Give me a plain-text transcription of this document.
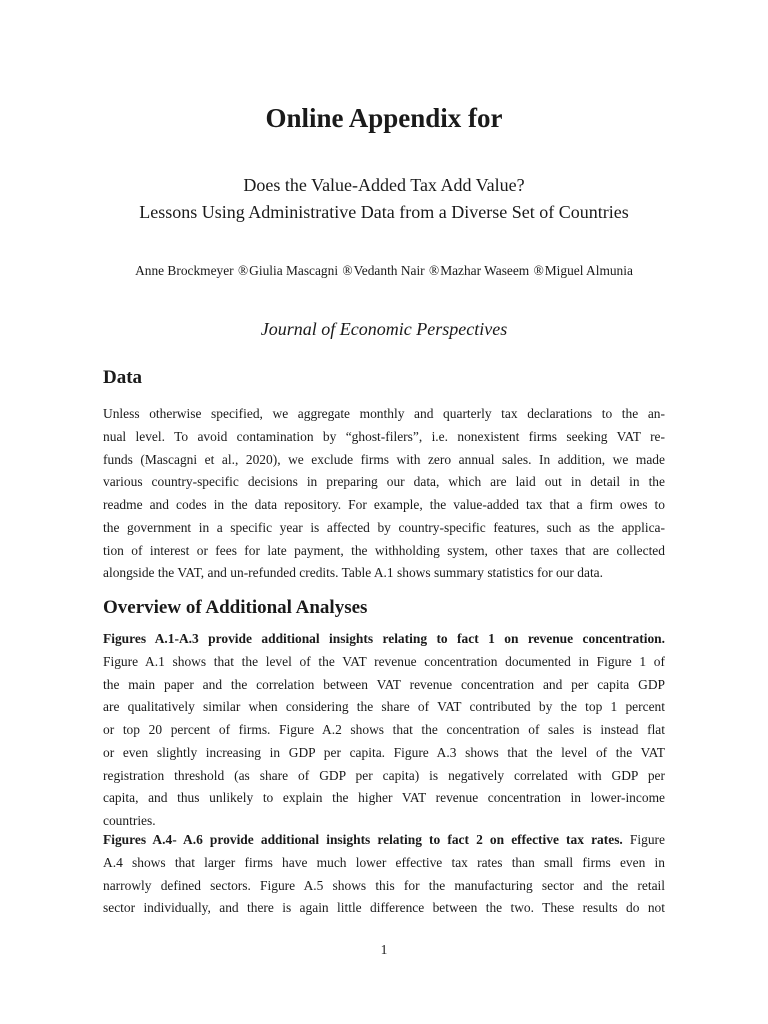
Online Appendix for
Does the Value-Added Tax Add Value?
Lessons Using Administrative Data from a Diverse Set of Countries
Anne Brockmeyer ®Giulia Mascagni ®Vedanth Nair ®Mazhar Waseem ®Miguel Almunia
Journal of Economic Perspectives
Data
Unless otherwise specified, we aggregate monthly and quarterly tax declarations to the an-
nual level. To avoid contamination by “ghost-filers”, i.e. nonexistent firms seeking VAT re-
funds (Mascagni et al., 2020), we exclude firms with zero annual sales. In addition, we made
various country-specific decisions in preparing our data, which are laid out in detail in the
readme and codes in the data repository. For example, the value-added tax that a firm owes to
the government in a specific year is affected by country-specific features, such as the applica-
tion of interest or fees for late payment, the withholding system, other taxes that are collected
alongside the VAT, and un-refunded credits. Table A.1 shows summary statistics for our data.
Overview of Additional Analyses
Figures A.1-A.3 provide additional insights relating to fact 1 on revenue concentration.
Figure A.1 shows that the level of the VAT revenue concentration documented in Figure 1 of
the main paper and the correlation between VAT revenue concentration and per capita GDP
are qualitatively similar when considering the share of VAT contributed by the top 1 percent
or top 20 percent of firms. Figure A.2 shows that the concentration of sales is instead flat
or even slightly increasing in GDP per capita. Figure A.3 shows that the level of the VAT
registration threshold (as share of GDP per capita) is negatively correlated with GDP per
capita, and thus unlikely to explain the higher VAT revenue concentration in lower-income
countries.
Figures A.4- A.6 provide additional insights relating to fact 2 on effective tax rates. Figure
A.4 shows that larger firms have much lower effective tax rates than small firms even in
narrowly defined sectors. Figure A.5 shows this for the manufacturing sector and the retail
sector individually, and there is again little difference between the two. These results do not
1
